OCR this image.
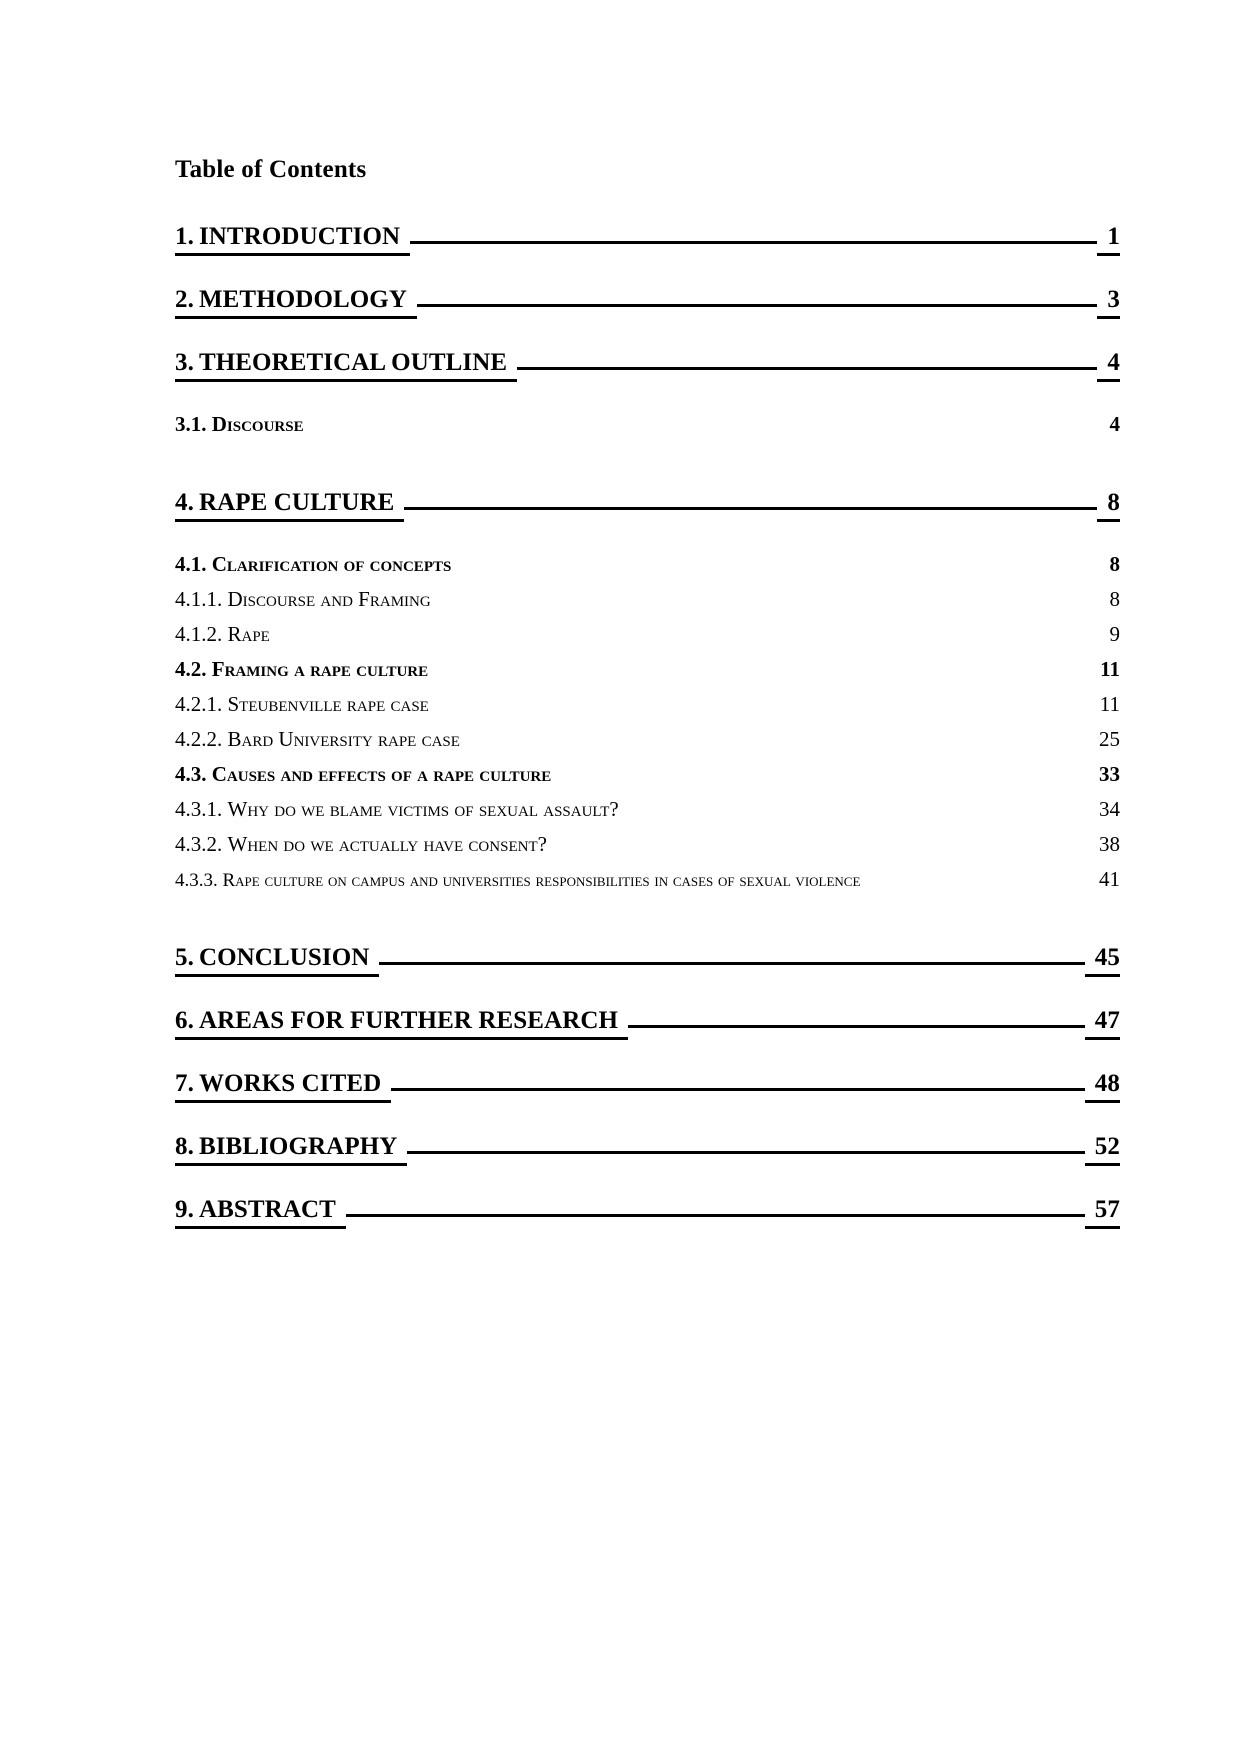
Table of Contents
1. INTRODUCTION	1
2. METHODOLOGY	3
3. THEORETICAL OUTLINE	4
3.1. Discourse	4
4. RAPE CULTURE	8
4.1. Clarification of concepts	8
4.1.1. Discourse and Framing	8
4.1.2. Rape	9
4.2. Framing a rape culture	11
4.2.1. Steubenville rape case	11
4.2.2. Bard University rape case	25
4.3. Causes and effects of a rape culture	33
4.3.1. Why do we blame victims of sexual assault?	34
4.3.2. When do we actually have consent?	38
4.3.3. Rape culture on campus and universities responsibilities in cases of sexual violence	41
5. CONCLUSION	45
6. AREAS FOR FURTHER RESEARCH	47
7. WORKS CITED	48
8. BIBLIOGRAPHY	52
9. ABSTRACT	57
